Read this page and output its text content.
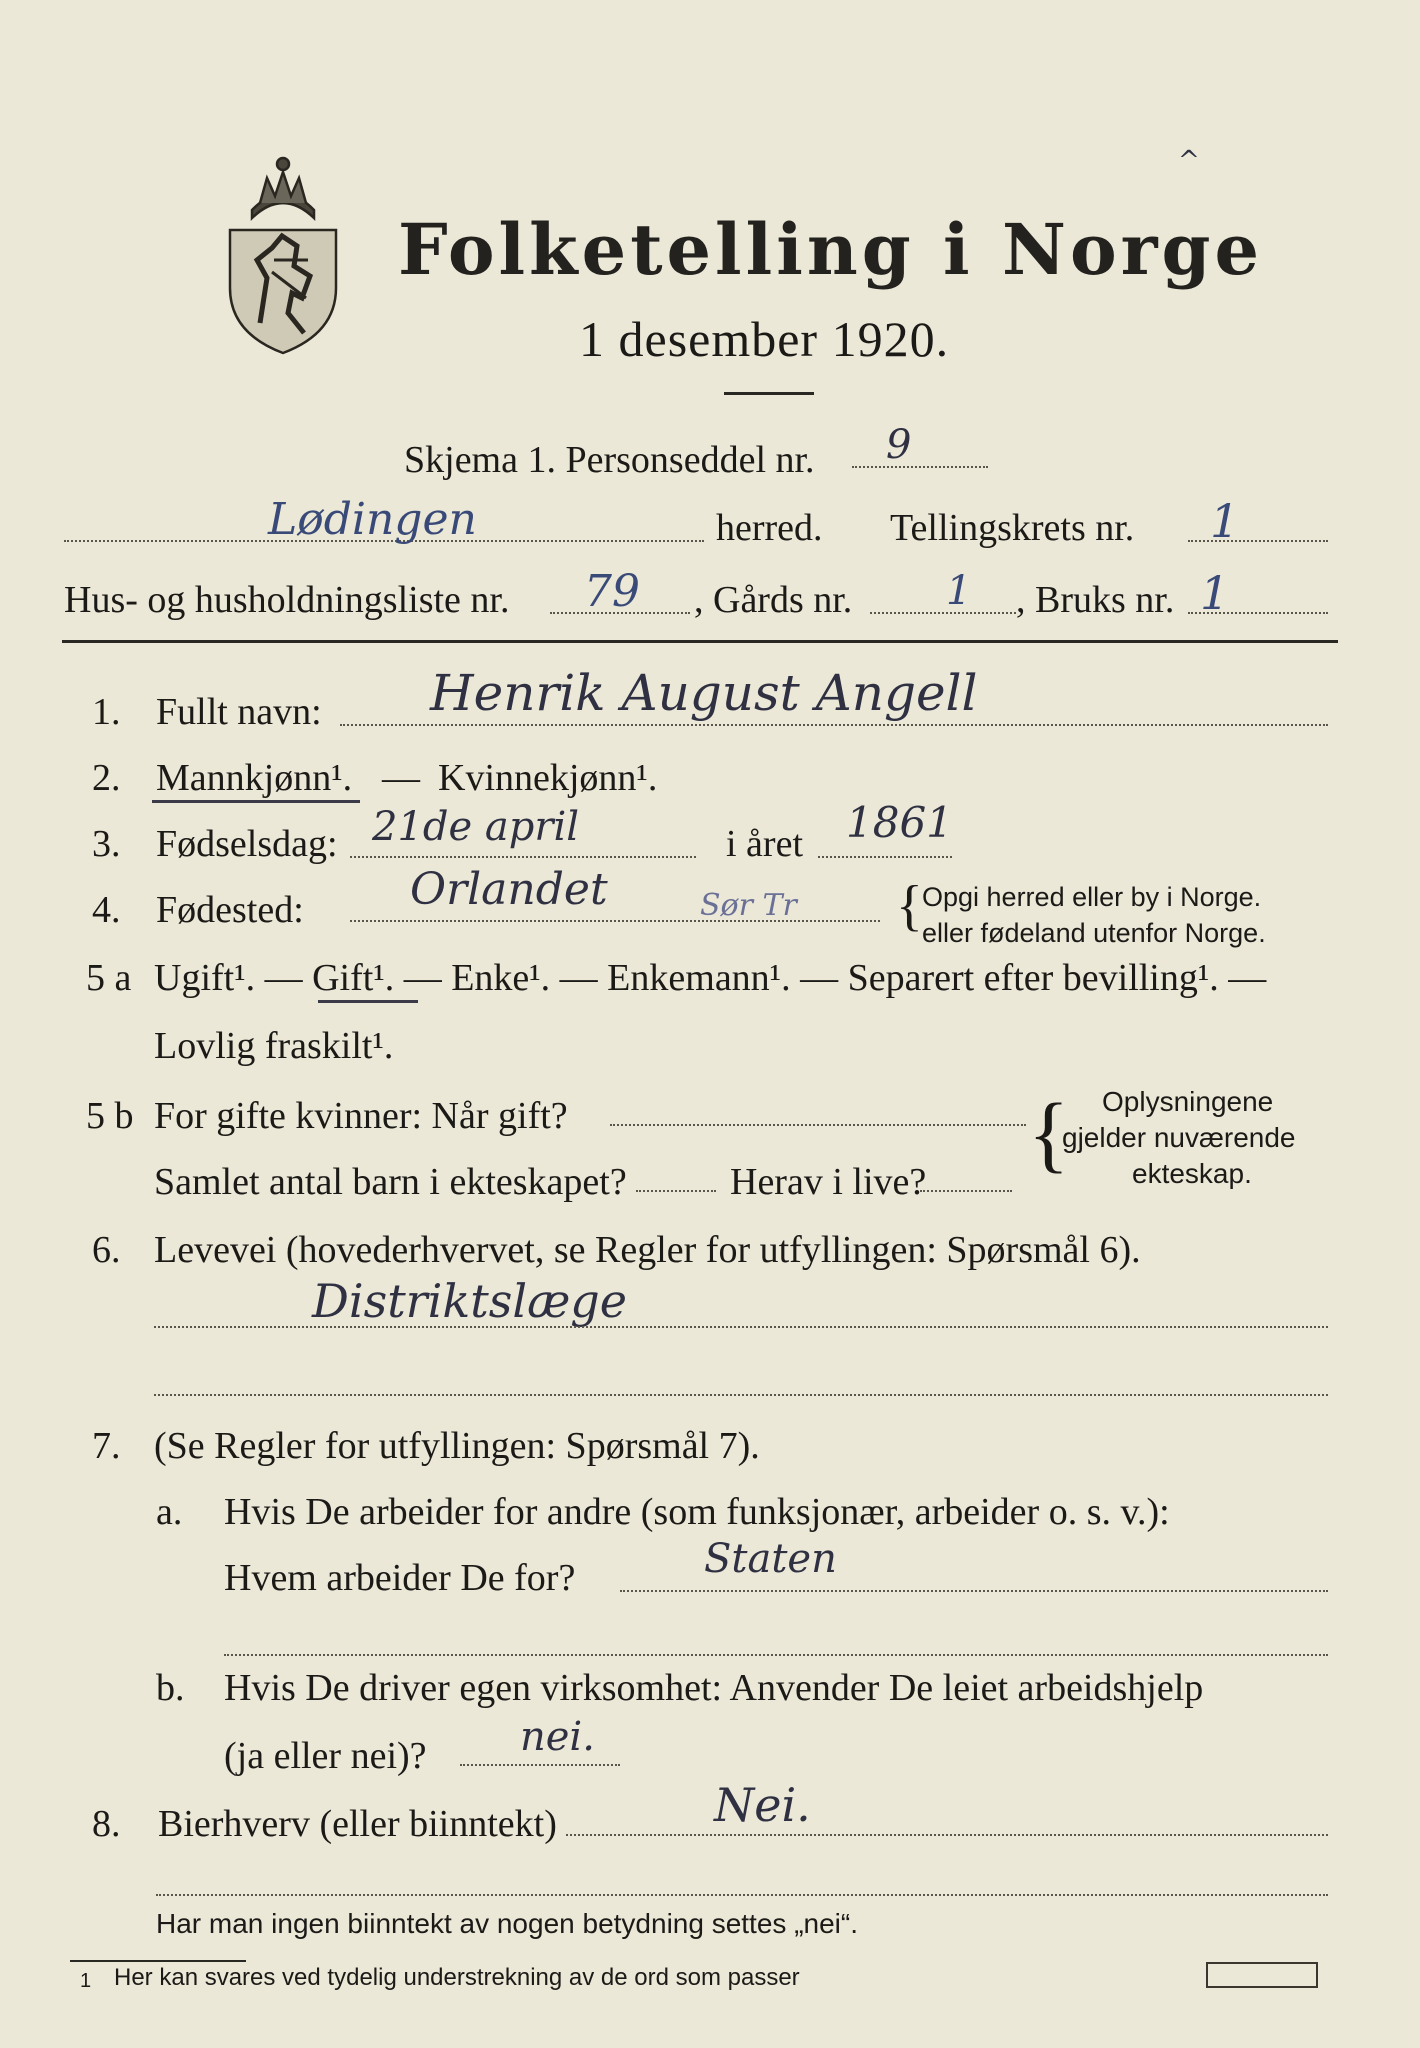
Folketelling i Norge
1 desember 1920.
^
Skjema 1. Personseddel nr. 9
Lødingen	herred. Tellingskrets nr. 1
Hus- og husholdningsliste nr. 79 , Gårds nr. 1 , Bruks nr. 1
1. Fullt navn: Henrik August Angell
2. Mannkjønn¹. — Kvinnekjønn¹.
3. Fødselsdag: 21de april	i året 1861
4. Fødested: Orlandet	Sør Tr { Opgi herred eller by i Norge.
eller fødeland utenfor Norge.
5 a Ugift¹. — Gift¹. — Enke¹. — Enkemann¹. — Separert efter bevilling¹. —
Lovlig fraskilt¹.
5 b For gifte kvinner: Når gift?	{ Oplysningene
gjelder nuværende
ekteskap.
Samlet antal barn i ekteskapet?	Herav i live?
6. Levevei (hovederhvervet, se Regler for utfyllingen: Spørsmål 6).
Distriktslæge
7. (Se Regler for utfyllingen: Spørsmål 7).
a. Hvis De arbeider for andre (som funksjonær, arbeider o. s. v.):
Hvem arbeider De for?	Staten
b. Hvis De driver egen virksomhet: Anvender De leiet arbeidshjelp
(ja eller nei)? nei.
8. Bierhverv (eller biinntekt)	Nei.
Har man ingen biinntekt av nogen betydning settes „nei“.
1 Her kan svares ved tydelig understrekning av de ord som passer
